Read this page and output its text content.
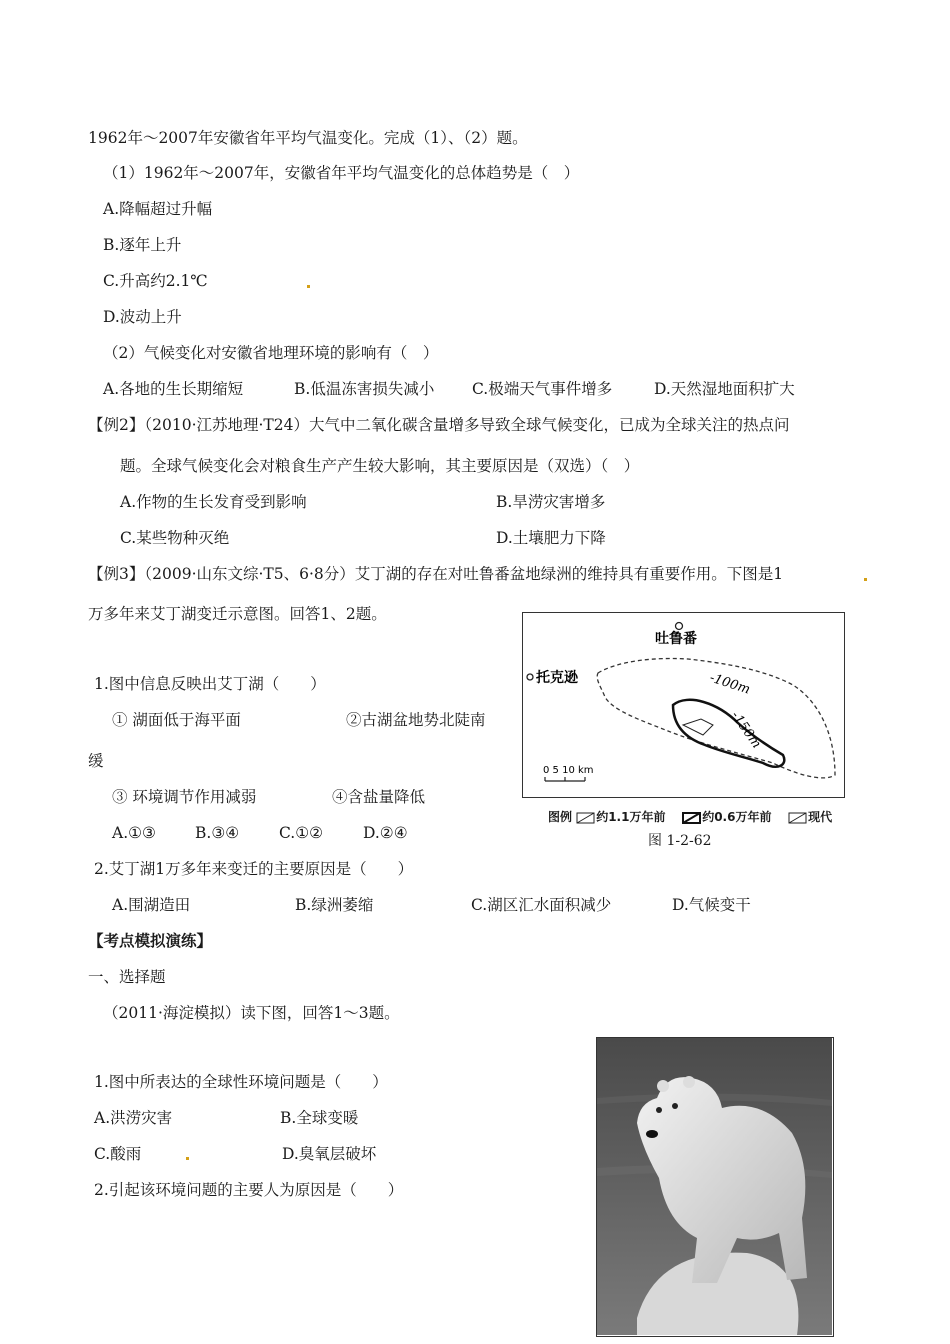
1962年～2007年安徽省年平均气温变化。完成（1）、（2）题。
（1）1962年～2007年，安徽省年平均气温变化的总体趋势是（　）
A.降幅超过升幅
B.逐年上升
C.升高约2.1℃
D.波动上升
（2）气候变化对安徽省地理环境的影响有（　）
A.各地的生长期缩短	B.低温冻害损失减小 C.极端天气事件增多	D.天然湿地面积扩大
【例2】（2010·江苏地理·T24）大气中二氧化碳含量增多导致全球气候变化，已成为全球关注的热点问
题。全球气候变化会对粮食生产产生较大影响，其主要原因是（双选）（　）
A.作物的生长发育受到影响	B.旱涝灾害增多
C.某些物种灭绝	D.土壤肥力下降
【例3】（2009·山东文综·T5、6·8分）艾丁湖的存在对吐鲁番盆地绿洲的维持具有重要作用。下图是1
万多年来艾丁湖变迁示意图。回答1、2题。
1.图中信息反映出艾丁湖（　　）
① 湖面低于海平面	②古湖盆地势北陡南
缓
③ 环境调节作用减弱	④含盐量降低
A.①③	B.③④	C.①②	D.②④
2.艾丁湖1万多年来变迁的主要原因是（　　）
A.围湖造田	B.绿洲萎缩	C.湖区汇水面积减少	D.气候变干
吐鲁番
托克逊	-100m
-150m
0 5 10 km
图例 约1.1万年前	约0.6万年前	现代
图 1-2-62
【考点模拟演练】
一、选择题
（2011·海淀模拟）读下图，回答1～3题。
1.图中所表达的全球性环境问题是（　　）
A.洪涝灾害	B.全球变暖
C.酸雨	D.臭氧层破坏
2.引起该环境问题的主要人为原因是（　　）
